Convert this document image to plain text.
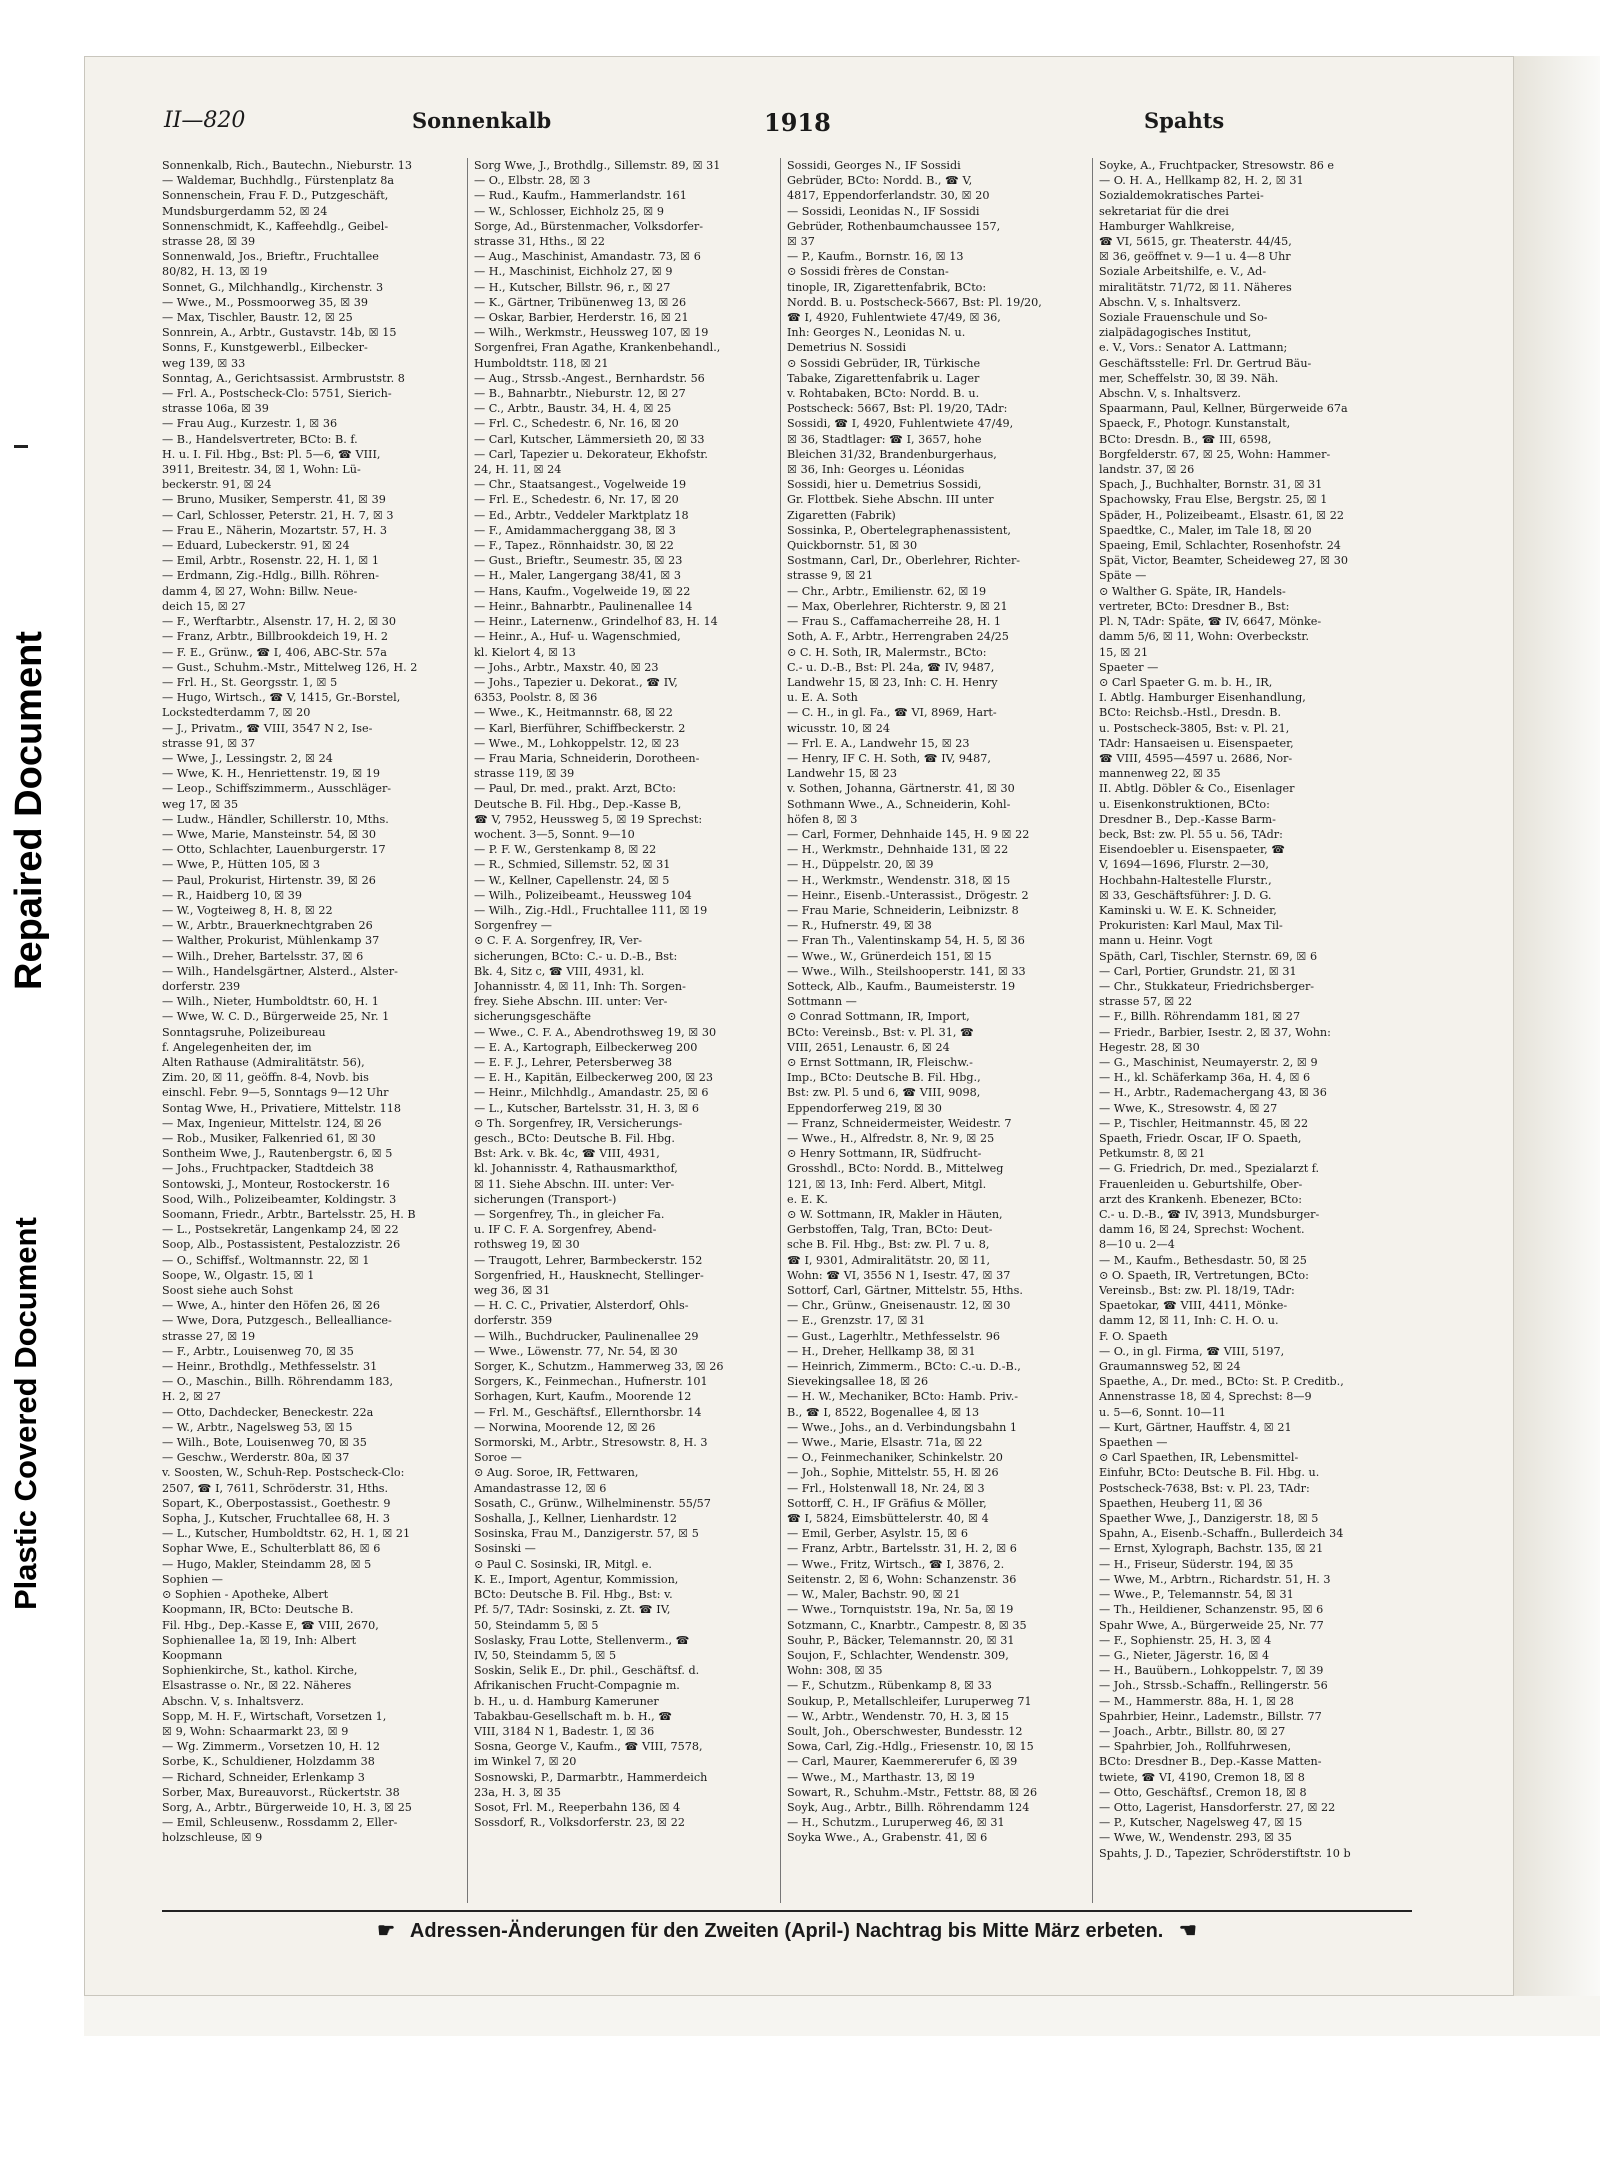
Repaired Document
Plastic Covered Document
II—820	Sonnenkalb	1918	Spahts

Sonnenkalb, Rich., Bautechn., Nieburstr. 13

— Waldemar, Buchhdlg., Fürstenplatz 8a

Sonnenschein, Frau F. D., Putzgeschäft,

Mundsburgerdamm 52, ☒ 24

Sonnenschmidt, K., Kaffeehdlg., Geibel-

strasse 28, ☒ 39

Sonnenwald, Jos., Brieftr., Fruchtallee

80/82, H. 13, ☒ 19

Sonnet, G., Milchhandlg., Kirchenstr. 3

— Wwe., M., Possmoorweg 35, ☒ 39

— Max, Tischler, Baustr. 12, ☒ 25

Sonnrein, A., Arbtr., Gustavstr. 14b, ☒ 15

Sonns, F., Kunstgewerbl., Eilbecker-

weg 139, ☒ 33

Sonntag, A., Gerichtsassist. Armbruststr. 8

— Frl. A., Postscheck-Clo: 5751, Sierich-

strasse 106a, ☒ 39

— Frau Aug., Kurzestr. 1, ☒ 36

— B., Handelsvertreter, BCto: B. f.

H. u. I. Fil. Hbg., Bst: Pl. 5—6, ☎ VIII,

3911, Breitestr. 34, ☒ 1, Wohn: Lü-

beckerstr. 91, ☒ 24

— Bruno, Musiker, Semperstr. 41, ☒ 39

— Carl, Schlosser, Peterstr. 21, H. 7, ☒ 3

— Frau E., Näherin, Mozartstr. 57, H. 3

— Eduard, Lubeckerstr. 91, ☒ 24

— Emil, Arbtr., Rosenstr. 22, H. 1, ☒ 1

— Erdmann, Zig.-Hdlg., Billh. Röhren-

damm 4, ☒ 27, Wohn: Billw. Neue-

deich 15, ☒ 27

— F., Werftarbtr., Alsenstr. 17, H. 2, ☒ 30

— Franz, Arbtr., Billbrookdeich 19, H. 2

— F. E., Grünw., ☎ I, 406, ABC-Str. 57a

— Gust., Schuhm.-Mstr., Mittelweg 126, H. 2

— Frl. H., St. Georgsstr. 1, ☒ 5

— Hugo, Wirtsch., ☎ V, 1415, Gr.-Borstel,

Lockstedterdamm 7, ☒ 20

— J., Privatm., ☎ VIII, 3547 N 2, Ise-

strasse 91, ☒ 37

— Wwe, J., Lessingstr. 2, ☒ 24

— Wwe, K. H., Henriettenstr. 19, ☒ 19

— Leop., Schiffszimmerm., Ausschläger-

weg 17, ☒ 35

— Ludw., Händler, Schillerstr. 10, Mths.

— Wwe, Marie, Mansteinstr. 54, ☒ 30

— Otto, Schlachter, Lauenburgerstr. 17

— Wwe, P., Hütten 105, ☒ 3

— Paul, Prokurist, Hirtenstr. 39, ☒ 26

— R., Haidberg 10, ☒ 39

— W., Vogteiweg 8, H. 8, ☒ 22

— W., Arbtr., Brauerknechtgraben 26

— Walther, Prokurist, Mühlenkamp 37

— Wilh., Dreher, Bartelsstr. 37, ☒ 6

— Wilh., Handelsgärtner, Alsterd., Alster-

dorferstr. 239

— Wilh., Nieter, Humboldtstr. 60, H. 1

— Wwe, W. C. D., Bürgerweide 25, Nr. 1

Sonntagsruhe, Polizeibureau

f. Angelegenheiten der, im

Alten Rathause (Admiralitätstr. 56),

Zim. 20, ☒ 11, geöffn. 8-4, Novb. bis

einschl. Febr. 9—5, Sonntags 9—12 Uhr

Sontag Wwe, H., Privatiere, Mittelstr. 118

— Max, Ingenieur, Mittelstr. 124, ☒ 26

— Rob., Musiker, Falkenried 61, ☒ 30

Sontheim Wwe, J., Rautenbergstr. 6, ☒ 5

— Johs., Fruchtpacker, Stadtdeich 38

Sontowski, J., Monteur, Rostockerstr. 16

Sood, Wilh., Polizeibeamter, Koldingstr. 3

Soomann, Friedr., Arbtr., Bartelsstr. 25, H. B

— L., Postsekretär, Langenkamp 24, ☒ 22

Soop, Alb., Postassistent, Pestalozzistr. 26

— O., Schiffsf., Woltmannstr. 22, ☒ 1

Soope, W., Olgastr. 15, ☒ 1

Soost siehe auch Sohst

— Wwe, A., hinter den Höfen 26, ☒ 26

— Wwe, Dora, Putzgesch., Bellealliance-

strasse 27, ☒ 19

— F., Arbtr., Louisenweg 70, ☒ 35

— Heinr., Brothdlg., Methfesselstr. 31

— O., Maschin., Billh. Röhrendamm 183,

H. 2, ☒ 27

— Otto, Dachdecker, Beneckestr. 22a

— W., Arbtr., Nagelsweg 53, ☒ 15

— Wilh., Bote, Louisenweg 70, ☒ 35

— Geschw., Werderstr. 80a, ☒ 37

v. Soosten, W., Schuh-Rep. Postscheck-Clo:

2507, ☎ I, 7611, Schröderstr. 31, Hths.

Sopart, K., Oberpostassist., Goethestr. 9

Sopha, J., Kutscher, Fruchtallee 68, H. 3

— L., Kutscher, Humboldtstr. 62, H. 1, ☒ 21

Sophar Wwe, E., Schulterblatt 86, ☒ 6

— Hugo, Makler, Steindamm 28, ☒ 5

Sophien —

⊙ Sophien - Apotheke, Albert

Koopmann, IR, BCto: Deutsche B.

Fil. Hbg., Dep.-Kasse E, ☎ VIII, 2670,

Sophienallee 1a, ☒ 19, Inh: Albert

Koopmann

Sophienkirche, St., kathol. Kirche,

Elsastrasse o. Nr., ☒ 22. Näheres

Abschn. V, s. Inhaltsverz.

Sopp, M. H. F., Wirtschaft, Vorsetzen 1,

☒ 9, Wohn: Schaarmarkt 23, ☒ 9

— Wg. Zimmerm., Vorsetzen 10, H. 12

Sorbe, K., Schuldiener, Holzdamm 38

— Richard, Schneider, Erlenkamp 3

Sorber, Max, Bureauvorst., Rückertstr. 38

Sorg, A., Arbtr., Bürgerweide 10, H. 3, ☒ 25

— Emil, Schleusenw., Rossdamm 2, Eller-

holzschleuse, ☒ 9

Sorg Wwe, J., Brothdlg., Sillemstr. 89, ☒ 31

— O., Elbstr. 28, ☒ 3

— Rud., Kaufm., Hammerlandstr. 161

— W., Schlosser, Eichholz 25, ☒ 9

Sorge, Ad., Bürstenmacher, Volksdorfer-

strasse 31, Hths., ☒ 22

— Aug., Maschinist, Amandastr. 73, ☒ 6

— H., Maschinist, Eichholz 27, ☒ 9

— H., Kutscher, Billstr. 96, r., ☒ 27

— K., Gärtner, Tribünenweg 13, ☒ 26

— Oskar, Barbier, Herderstr. 16, ☒ 21

— Wilh., Werkmstr., Heussweg 107, ☒ 19

Sorgenfrei, Fran Agathe, Krankenbehandl.,

Humboldtstr. 118, ☒ 21

— Aug., Strssb.-Angest., Bernhardstr. 56

— B., Bahnarbtr., Nieburstr. 12, ☒ 27

— C., Arbtr., Baustr. 34, H. 4, ☒ 25

— Frl. C., Schedestr. 6, Nr. 16, ☒ 20

— Carl, Kutscher, Lämmersieth 20, ☒ 33

— Carl, Tapezier u. Dekorateur, Ekhofstr.

24, H. 11, ☒ 24

— Chr., Staatsangest., Vogelweide 19

— Frl. E., Schedestr. 6, Nr. 17, ☒ 20

— Ed., Arbtr., Veddeler Marktplatz 18

— F., Amidammacherggang 38, ☒ 3

— F., Tapez., Rönnhaidstr. 30, ☒ 22

— Gust., Brieftr., Seumestr. 35, ☒ 23

— H., Maler, Langergang 38/41, ☒ 3

— Hans, Kaufm., Vogelweide 19, ☒ 22

— Heinr., Bahnarbtr., Paulinenallee 14

— Heinr., Laternenw., Grindelhof 83, H. 14

— Heinr., A., Huf- u. Wagenschmied,

kl. Kielort 4, ☒ 13

— Johs., Arbtr., Maxstr. 40, ☒ 23

— Johs., Tapezier u. Dekorat., ☎ IV,

6353, Poolstr. 8, ☒ 36

— Wwe., K., Heitmannstr. 68, ☒ 22

— Karl, Bierführer, Schiffbeckerstr. 2

— Wwe., M., Lohkoppelstr. 12, ☒ 23

— Frau Maria, Schneiderin, Dorotheen-

strasse 119, ☒ 39

— Paul, Dr. med., prakt. Arzt, BCto:

Deutsche B. Fil. Hbg., Dep.-Kasse B,

☎ V, 7952, Heussweg 5, ☒ 19 Sprechst:

wochent. 3—5, Sonnt. 9—10

— P. F. W., Gerstenkamp 8, ☒ 22

— R., Schmied, Sillemstr. 52, ☒ 31

— W., Kellner, Capellenstr. 24, ☒ 5

— Wilh., Polizeibeamt., Heussweg 104

— Wilh., Zig.-Hdl., Fruchtallee 111, ☒ 19

Sorgenfrey —

⊙ C. F. A. Sorgenfrey, IR, Ver-

sicherungen, BCto: C.- u. D.-B., Bst:

Bk. 4, Sitz c, ☎ VIII, 4931, kl.

Johannisstr. 4, ☒ 11, Inh: Th. Sorgen-

frey. Siehe Abschn. III. unter: Ver-

sicherungsgeschäfte

— Wwe., C. F. A., Abendrothsweg 19, ☒ 30

— E. A., Kartograph, Eilbeckerweg 200

— E. F. J., Lehrer, Petersberweg 38

— E. H., Kapitän, Eilbeckerweg 200, ☒ 23

— Heinr., Milchhdlg., Amandastr. 25, ☒ 6

— L., Kutscher, Bartelsstr. 31, H. 3, ☒ 6

⊙ Th. Sorgenfrey, IR, Versicherungs-

gesch., BCto: Deutsche B. Fil. Hbg.

Bst: Ark. v. Bk. 4c, ☎ VIII, 4931,

kl. Johannisstr. 4, Rathausmarkthof,

☒ 11. Siehe Abschn. III. unter: Ver-

sicherungen (Transport-)

— Sorgenfrey, Th., in gleicher Fa.

u. IF C. F. A. Sorgenfrey, Abend-

rothsweg 19, ☒ 30

— Traugott, Lehrer, Barmbeckerstr. 152

Sorgenfried, H., Hausknecht, Stellinger-

weg 36, ☒ 31

— H. C. C., Privatier, Alsterdorf, Ohls-

dorferstr. 359

— Wilh., Buchdrucker, Paulinenallee 29

— Wwe., Löwenstr. 77, Nr. 54, ☒ 30

Sorger, K., Schutzm., Hammerweg 33, ☒ 26

Sorgers, K., Feinmechan., Hufnerstr. 101

Sorhagen, Kurt, Kaufm., Moorende 12

— Frl. M., Geschäftsf., Ellernthorsbr. 14

— Norwina, Moorende 12, ☒ 26

Sormorski, M., Arbtr., Stresowstr. 8, H. 3

Soroe —

⊙ Aug. Soroe, IR, Fettwaren,

Amandastrasse 12, ☒ 6

Sosath, C., Grünw., Wilhelminenstr. 55/57

Soshalla, J., Kellner, Lienhardstr. 12

Sosinska, Frau M., Danzigerstr. 57, ☒ 5

Sosinski —

⊙ Paul C. Sosinski, IR, Mitgl. e.

K. E., Import, Agentur, Kommission,

BCto: Deutsche B. Fil. Hbg., Bst: v.

Pf. 5/7, TAdr: Sosinski, z. Zt. ☎ IV,

50, Steindamm 5, ☒ 5

Soslasky, Frau Lotte, Stellenverm., ☎

IV, 50, Steindamm 5, ☒ 5

Soskin, Selik E., Dr. phil., Geschäftsf. d.

Afrikanischen Frucht-Compagnie m.

b. H., u. d. Hamburg Kameruner

Tabakbau-Gesellschaft m. b. H., ☎

VIII, 3184 N 1, Badestr. 1, ☒ 36

Sosna, George V., Kaufm., ☎ VIII, 7578,

im Winkel 7, ☒ 20

Sosnowski, P., Darmarbtr., Hammerdeich

23a, H. 3, ☒ 35

Sosot, Frl. M., Reeperbahn 136, ☒ 4

Sossdorf, R., Volksdorferstr. 23, ☒ 22

Sossidi, Georges N., IF Sossidi

Gebrüder, BCto: Nordd. B., ☎ V,

4817, Eppendorferlandstr. 30, ☒ 20

— Sossidi, Leonidas N., IF Sossidi

Gebrüder, Rothenbaumchaussee 157,

☒ 37

— P., Kaufm., Bornstr. 16, ☒ 13

⊙ Sossidi frères de Constan-

tinople, IR, Zigarettenfabrik, BCto:

Nordd. B. u. Postscheck-5667, Bst: Pl. 19/20,

☎ I, 4920, Fuhlentwiete 47/49, ☒ 36,

Inh: Georges N., Leonidas N. u.

Demetrius N. Sossidi

⊙ Sossidi Gebrüder, IR, Türkische

Tabake, Zigarettenfabrik u. Lager

v. Rohtabaken, BCto: Nordd. B. u.

Postscheck: 5667, Bst: Pl. 19/20, TAdr:

Sossidi, ☎ I, 4920, Fuhlentwiete 47/49,

☒ 36, Stadtlager: ☎ I, 3657, hohe

Bleichen 31/32, Brandenburgerhaus,

☒ 36, Inh: Georges u. Léonidas

Sossidi, hier u. Demetrius Sossidi,

Gr. Flottbek. Siehe Abschn. III unter

Zigaretten (Fabrik)

Sossinka, P., Obertelegraphenassistent,

Quickbornstr. 51, ☒ 30

Sostmann, Carl, Dr., Oberlehrer, Richter-

strasse 9, ☒ 21

— Chr., Arbtr., Emilienstr. 62, ☒ 19

— Max, Oberlehrer, Richterstr. 9, ☒ 21

— Frau S., Caffamacherreihe 28, H. 1

Soth, A. F., Arbtr., Herrengraben 24/25

⊙ C. H. Soth, IR, Malermstr., BCto:

C.- u. D.-B., Bst: Pl. 24a, ☎ IV, 9487,

Landwehr 15, ☒ 23, Inh: C. H. Henry

u. E. A. Soth

— C. H., in gl. Fa., ☎ VI, 8969, Hart-

wicusstr. 10, ☒ 24

— Frl. E. A., Landwehr 15, ☒ 23

— Henry, IF C. H. Soth, ☎ IV, 9487,

Landwehr 15, ☒ 23

v. Sothen, Johanna, Gärtnerstr. 41, ☒ 30

Sothmann Wwe., A., Schneiderin, Kohl-

höfen 8, ☒ 3

— Carl, Former, Dehnhaide 145, H. 9 ☒ 22

— H., Werkmstr., Dehnhaide 131, ☒ 22

— H., Düppelstr. 20, ☒ 39

— H., Werkmstr., Wendenstr. 318, ☒ 15

— Heinr., Eisenb.-Unterassist., Drögestr. 2

— Frau Marie, Schneiderin, Leibnizstr. 8

— R., Hufnerstr. 49, ☒ 38

— Fran Th., Valentinskamp 54, H. 5, ☒ 36

— Wwe., W., Grünerdeich 151, ☒ 15

— Wwe., Wilh., Steilshooperstr. 141, ☒ 33

Sotteck, Alb., Kaufm., Baumeisterstr. 19

Sottmann —

⊙ Conrad Sottmann, IR, Import,

BCto: Vereinsb., Bst: v. Pl. 31, ☎

VIII, 2651, Lenaustr. 6, ☒ 24

⊙ Ernst Sottmann, IR, Fleischw.-

Imp., BCto: Deutsche B. Fil. Hbg.,

Bst: zw. Pl. 5 und 6, ☎ VIII, 9098,

Eppendorferweg 219, ☒ 30

— Franz, Schneidermeister, Weidestr. 7

— Wwe., H., Alfredstr. 8, Nr. 9, ☒ 25

⊙ Henry Sottmann, IR, Südfrucht-

Grosshdl., BCto: Nordd. B., Mittelweg

121, ☒ 13, Inh: Ferd. Albert, Mitgl.

e. E. K.

⊙ W. Sottmann, IR, Makler in Häuten,

Gerbstoffen, Talg, Tran, BCto: Deut-

sche B. Fil. Hbg., Bst: zw. Pl. 7 u. 8,

☎ I, 9301, Admiralitätstr. 20, ☒ 11,

Wohn: ☎ VI, 3556 N 1, Isestr. 47, ☒ 37

Sottorf, Carl, Gärtner, Mittelstr. 55, Hths.

— Chr., Grünw., Gneisenaustr. 12, ☒ 30

— E., Grenzstr. 17, ☒ 31

— Gust., Lagerhltr., Methfesselstr. 96

— H., Dreher, Hellkamp 38, ☒ 31

— Heinrich, Zimmerm., BCto: C.-u. D.-B.,

Sievekingsallee 18, ☒ 26

— H. W., Mechaniker, BCto: Hamb. Priv.-

B., ☎ I, 8522, Bogenallee 4, ☒ 13

— Wwe., Johs., an d. Verbindungsbahn 1

— Wwe., Marie, Elsastr. 71a, ☒ 22

— O., Feinmechaniker, Schinkelstr. 20

— Joh., Sophie, Mittelstr. 55, H. ☒ 26

— Frl., Holstenwall 18, Nr. 24, ☒ 3

Sottorff, C. H., IF Gräfius & Möller,

☎ I, 5824, Eimsbüttelerstr. 40, ☒ 4

— Emil, Gerber, Asylstr. 15, ☒ 6

— Franz, Arbtr., Bartelsstr. 31, H. 2, ☒ 6

— Wwe., Fritz, Wirtsch., ☎ I, 3876, 2.

Seitenstr. 2, ☒ 6, Wohn: Schanzenstr. 36

— W., Maler, Bachstr. 90, ☒ 21

— Wwe., Tornquiststr. 19a, Nr. 5a, ☒ 19

Sotzmann, C., Knarbtr., Campestr. 8, ☒ 35

Souhr, P., Bäcker, Telemannstr. 20, ☒ 31

Soujon, F., Schlachter, Wendenstr. 309,

Wohn: 308, ☒ 35

— F., Schutzm., Rübenkamp 8, ☒ 33

Soukup, P., Metallschleifer, Luruperweg 71

— W., Arbtr., Wendenstr. 70, H. 3, ☒ 15

Soult, Joh., Oberschwester, Bundesstr. 12

Sowa, Carl, Zig.-Hdlg., Friesenstr. 10, ☒ 15

— Carl, Maurer, Kaemmererufer 6, ☒ 39

— Wwe., M., Marthastr. 13, ☒ 19

Sowart, R., Schuhm.-Mstr., Fettstr. 88, ☒ 26

Soyk, Aug., Arbtr., Billh. Röhrendamm 124

— H., Schutzm., Luruperweg 46, ☒ 31

Soyka Wwe., A., Grabenstr. 41, ☒ 6

Soyke, A., Fruchtpacker, Stresowstr. 86 e

— O. H. A., Hellkamp 82, H. 2, ☒ 31

Sozialdemokratisches Partei-

sekretariat für die drei

Hamburger Wahlkreise,

☎ VI, 5615, gr. Theaterstr. 44/45,

☒ 36, geöffnet v. 9—1 u. 4—8 Uhr

Soziale Arbeitshilfe, e. V., Ad-

miralitätstr. 71/72, ☒ 11. Näheres

Abschn. V, s. Inhaltsverz.

Soziale Frauenschule und So-

zialpädagogisches Institut,

e. V., Vors.: Senator A. Lattmann;

Geschäftsstelle: Frl. Dr. Gertrud Bäu-

mer, Scheffelstr. 30, ☒ 39. Näh.

Abschn. V, s. Inhaltsverz.

Spaarmann, Paul, Kellner, Bürgerweide 67a

Spaeck, F., Photogr. Kunstanstalt,

BCto: Dresdn. B., ☎ III, 6598,

Borgfelderstr. 67, ☒ 25, Wohn: Hammer-

landstr. 37, ☒ 26

Spach, J., Buchhalter, Bornstr. 31, ☒ 31

Spachowsky, Frau Else, Bergstr. 25, ☒ 1

Späder, H., Polizeibeamt., Elsastr. 61, ☒ 22

Spaedtke, C., Maler, im Tale 18, ☒ 20

Spaeing, Emil, Schlachter, Rosenhofstr. 24

Spät, Victor, Beamter, Scheideweg 27, ☒ 30

Späte —

⊙ Walther G. Späte, IR, Handels-

vertreter, BCto: Dresdner B., Bst:

Pl. N, TAdr: Späte, ☎ IV, 6647, Mönke-

damm 5/6, ☒ 11, Wohn: Overbeckstr.

15, ☒ 21

Spaeter —

⊙ Carl Spaeter G. m. b. H., IR,

I. Abtlg. Hamburger Eisenhandlung,

BCto: Reichsb.-Hstl., Dresdn. B.

u. Postscheck-3805, Bst: v. Pl. 21,

TAdr: Hansaeisen u. Eisenspaeter,

☎ VIII, 4595—4597 u. 2686, Nor-

mannenweg 22, ☒ 35

II. Abtlg. Döbler & Co., Eisenlager

u. Eisenkonstruktionen, BCto:

Dresdner B., Dep.-Kasse Barm-

beck, Bst: zw. Pl. 55 u. 56, TAdr:

Eisendoebler u. Eisenspaeter, ☎

V, 1694—1696, Flurstr. 2—30,

Hochbahn-Haltestelle Flurstr.,

☒ 33, Geschäftsführer: J. D. G.

Kaminski u. W. E. K. Schneider,

Prokuristen: Karl Maul, Max Til-

mann u. Heinr. Vogt

Späth, Carl, Tischler, Sternstr. 69, ☒ 6

— Carl, Portier, Grundstr. 21, ☒ 31

— Chr., Stukkateur, Friedrichsberger-

strasse 57, ☒ 22

— F., Billh. Röhrendamm 181, ☒ 27

— Friedr., Barbier, Isestr. 2, ☒ 37, Wohn:

Hegestr. 28, ☒ 30

— G., Maschinist, Neumayerstr. 2, ☒ 9

— H., kl. Schäferkamp 36a, H. 4, ☒ 6

— H., Arbtr., Rademachergang 43, ☒ 36

— Wwe, K., Stresowstr. 4, ☒ 27

— P., Tischler, Heitmannstr. 45, ☒ 22

Spaeth, Friedr. Oscar, IF O. Spaeth,

Petkumstr. 8, ☒ 21

— G. Friedrich, Dr. med., Spezialarzt f.

Frauenleiden u. Geburtshilfe, Ober-

arzt des Krankenh. Ebenezer, BCto:

C.- u. D.-B., ☎ IV, 3913, Mundsburger-

damm 16, ☒ 24, Sprechst: Wochent.

8—10 u. 2—4

— M., Kaufm., Bethesdastr. 50, ☒ 25

⊙ O. Spaeth, IR, Vertretungen, BCto:

Vereinsb., Bst: zw. Pl. 18/19, TAdr:

Spaetokar, ☎ VIII, 4411, Mönke-

damm 12, ☒ 11, Inh: C. H. O. u.

F. O. Spaeth

— O., in gl. Firma, ☎ VIII, 5197,

Graumannsweg 52, ☒ 24

Spaethe, A., Dr. med., BCto: St. P. Creditb.,

Annenstrasse 18, ☒ 4, Sprechst: 8—9

u. 5—6, Sonnt. 10—11

— Kurt, Gärtner, Hauffstr. 4, ☒ 21

Spaethen —

⊙ Carl Spaethen, IR, Lebensmittel-

Einfuhr, BCto: Deutsche B. Fil. Hbg. u.

Postscheck-7638, Bst: v. Pl. 23, TAdr:

Spaethen, Heuberg 11, ☒ 36

Spaether Wwe, J., Danzigerstr. 18, ☒ 5

Spahn, A., Eisenb.-Schaffn., Bullerdeich 34

— Ernst, Xylograph, Bachstr. 135, ☒ 21

— H., Friseur, Süderstr. 194, ☒ 35

— Wwe, M., Arbtrn., Richardstr. 51, H. 3

— Wwe., P., Telemannstr. 54, ☒ 31

— Th., Heildiener, Schanzenstr. 95, ☒ 6

Spahr Wwe, A., Bürgerweide 25, Nr. 77

— F., Sophienstr. 25, H. 3, ☒ 4

— G., Nieter, Jägerstr. 16, ☒ 4

— H., Bauübern., Lohkoppelstr. 7, ☒ 39

— Joh., Strssb.-Schaffn., Rellingerstr. 56

— M., Hammerstr. 88a, H. 1, ☒ 28

Spahrbier, Heinr., Lademstr., Billstr. 77

— Joach., Arbtr., Billstr. 80, ☒ 27

— Spahrbier, Joh., Rollfuhrwesen,

BCto: Dresdner B., Dep.-Kasse Matten-

twiete, ☎ VI, 4190, Cremon 18, ☒ 8

— Otto, Geschäftsf., Cremon 18, ☒ 8

— Otto, Lagerist, Hansdorferstr. 27, ☒ 22

— P., Kutscher, Nagelsweg 47, ☒ 15

— Wwe, W., Wendenstr. 293, ☒ 35

Spahts, J. D., Tapezier, Schröderstiftstr. 10 b

☛ Adressen-Änderungen für den Zweiten (April-) Nachtrag bis Mitte März erbeten. ☚
